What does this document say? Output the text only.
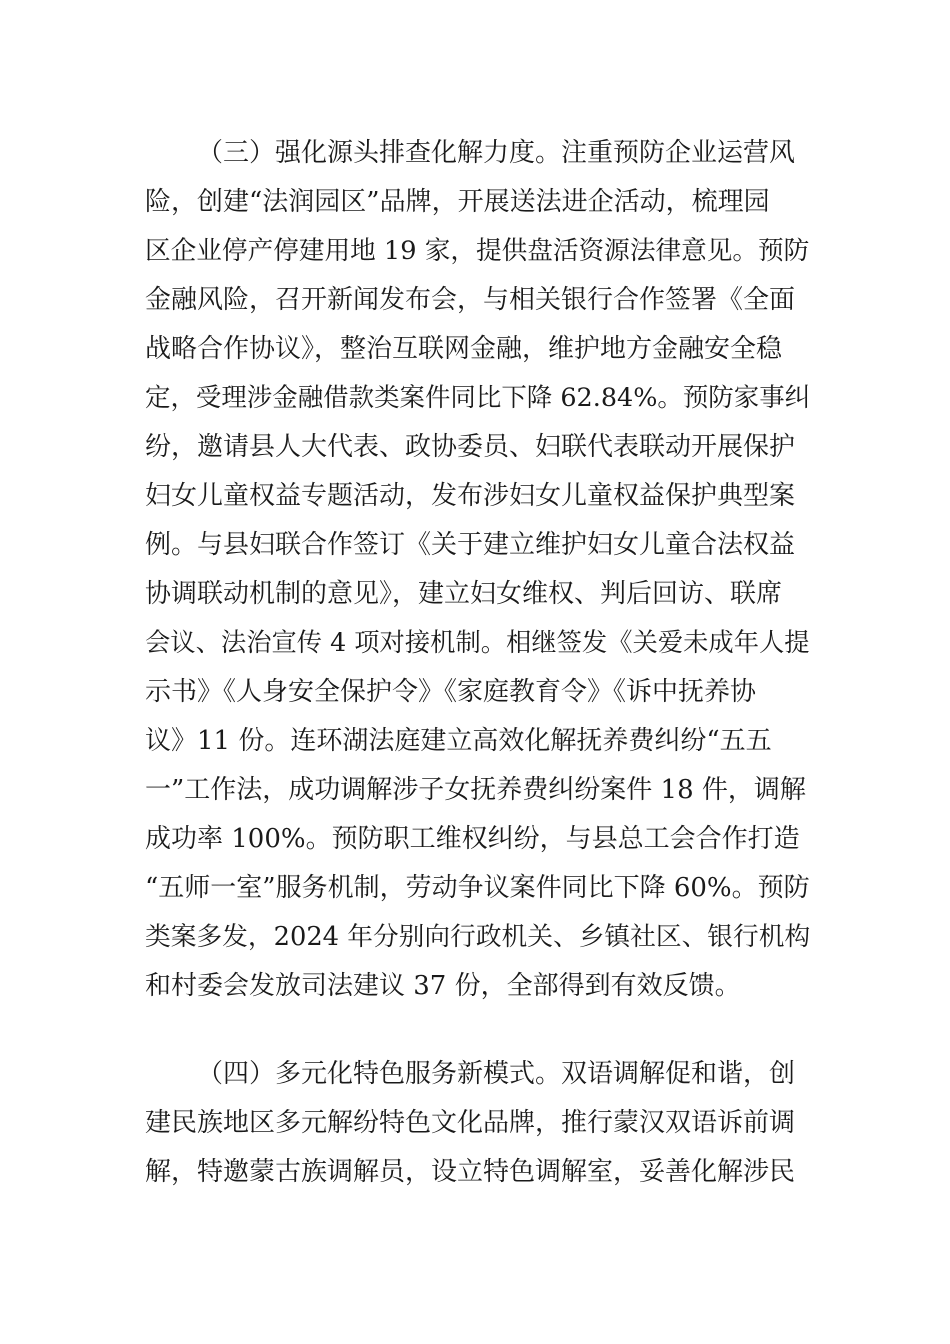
（三）强化源头排查化解力度。注重预防企业运营风
险，创建“法润园区”品牌，开展送法进企活动，梳理园
区企业停产停建用地 19 家，提供盘活资源法律意见。预防
金融风险，召开新闻发布会，与相关银行合作签署《全面
战略合作协议》，整治互联网金融，维护地方金融安全稳
定，受理涉金融借款类案件同比下降 62.84%。预防家事纠
纷，邀请县人大代表、政协委员、妇联代表联动开展保护
妇女儿童权益专题活动，发布涉妇女儿童权益保护典型案
例。与县妇联合作签订《关于建立维护妇女儿童合法权益
协调联动机制的意见》，建立妇女维权、判后回访、联席
会议、法治宣传 4 项对接机制。相继签发《关爱未成年人提
示书》《人身安全保护令》《家庭教育令》《诉中抚养协
议》11 份。连环湖法庭建立高效化解抚养费纠纷“五五
一”工作法，成功调解涉子女抚养费纠纷案件 18 件，调解
成功率 100%。预防职工维权纠纷，与县总工会合作打造
“五师一室”服务机制，劳动争议案件同比下降 60%。预防
类案多发，2024 年分别向行政机关、乡镇社区、银行机构
和村委会发放司法建议 37 份，全部得到有效反馈。
（四）多元化特色服务新模式。双语调解促和谐，创
建民族地区多元解纷特色文化品牌，推行蒙汉双语诉前调
解，特邀蒙古族调解员，设立特色调解室，妥善化解涉民
